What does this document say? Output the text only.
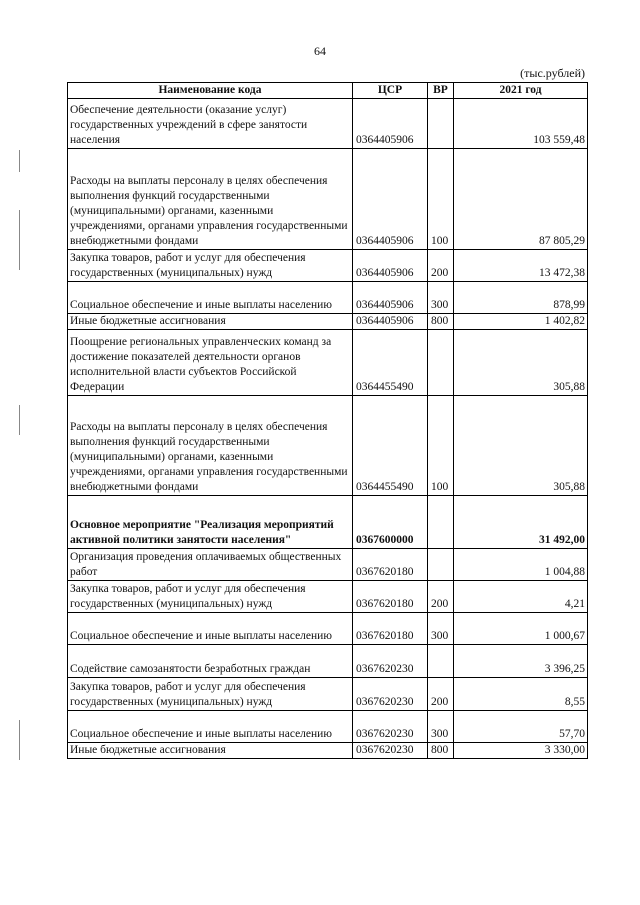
64
(тыс.рублей)
Наименование кода	ЦСР	ВР	2021 год
Обеспечение деятельности (оказание услуг) государственных учреждений в сфере занятости населения	0364405906		103 559,48
Расходы на выплаты персоналу в целях обеспечения выполнения функций государственными (муниципальными) органами, казенными учреждениями, органами управления государственными внебюджетными фондами	0364405906	100	87 805,29
Закупка товаров, работ и услуг для обеспечения государственных (муниципальных) нужд	0364405906	200	13 472,38
Социальное обеспечение и иные выплаты населению	0364405906	300	878,99
Иные бюджетные ассигнования	0364405906	800	1 402,82
Поощрение региональных управленческих команд за достижение показателей деятельности органов исполнительной власти субъектов Российской Федерации	0364455490		305,88
Расходы на выплаты персоналу в целях обеспечения выполнения функций государственными (муниципальными) органами, казенными учреждениями, органами управления государственными внебюджетными фондами	0364455490	100	305,88
Основное мероприятие "Реализация мероприятий активной политики занятости населения"	0367600000		31 492,00
Организация проведения оплачиваемых общественных работ	0367620180		1 004,88
Закупка товаров, работ и услуг для обеспечения государственных (муниципальных) нужд	0367620180	200	4,21
Социальное обеспечение и иные выплаты населению	0367620180	300	1 000,67
Содействие самозанятости безработных граждан	0367620230		3 396,25
Закупка товаров, работ и услуг для обеспечения государственных (муниципальных) нужд	0367620230	200	8,55
Социальное обеспечение и иные выплаты населению	0367620230	300	57,70
Иные бюджетные ассигнования	0367620230	800	3 330,00
